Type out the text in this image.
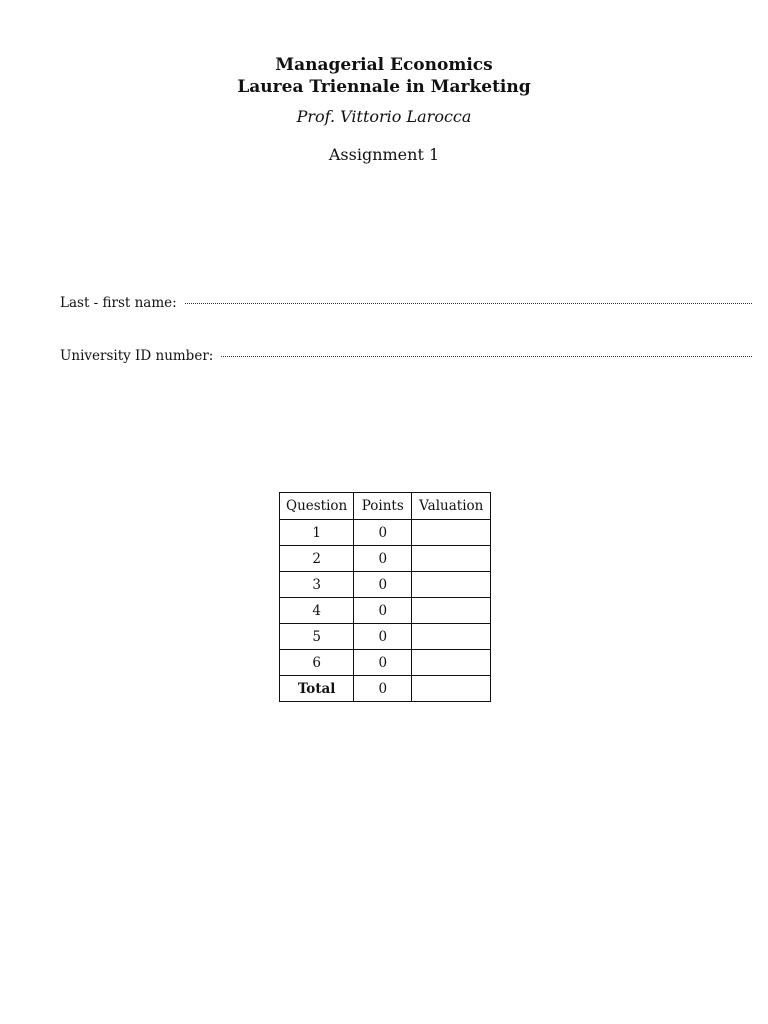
Managerial Economics
Laurea Triennale in Marketing
Prof. Vittorio Larocca
Assignment 1
Last - first name:
University ID number:
Question	Points	Valuation
1	0	
2	0	
3	0	
4	0	
5	0	
6	0	
Total	0	
